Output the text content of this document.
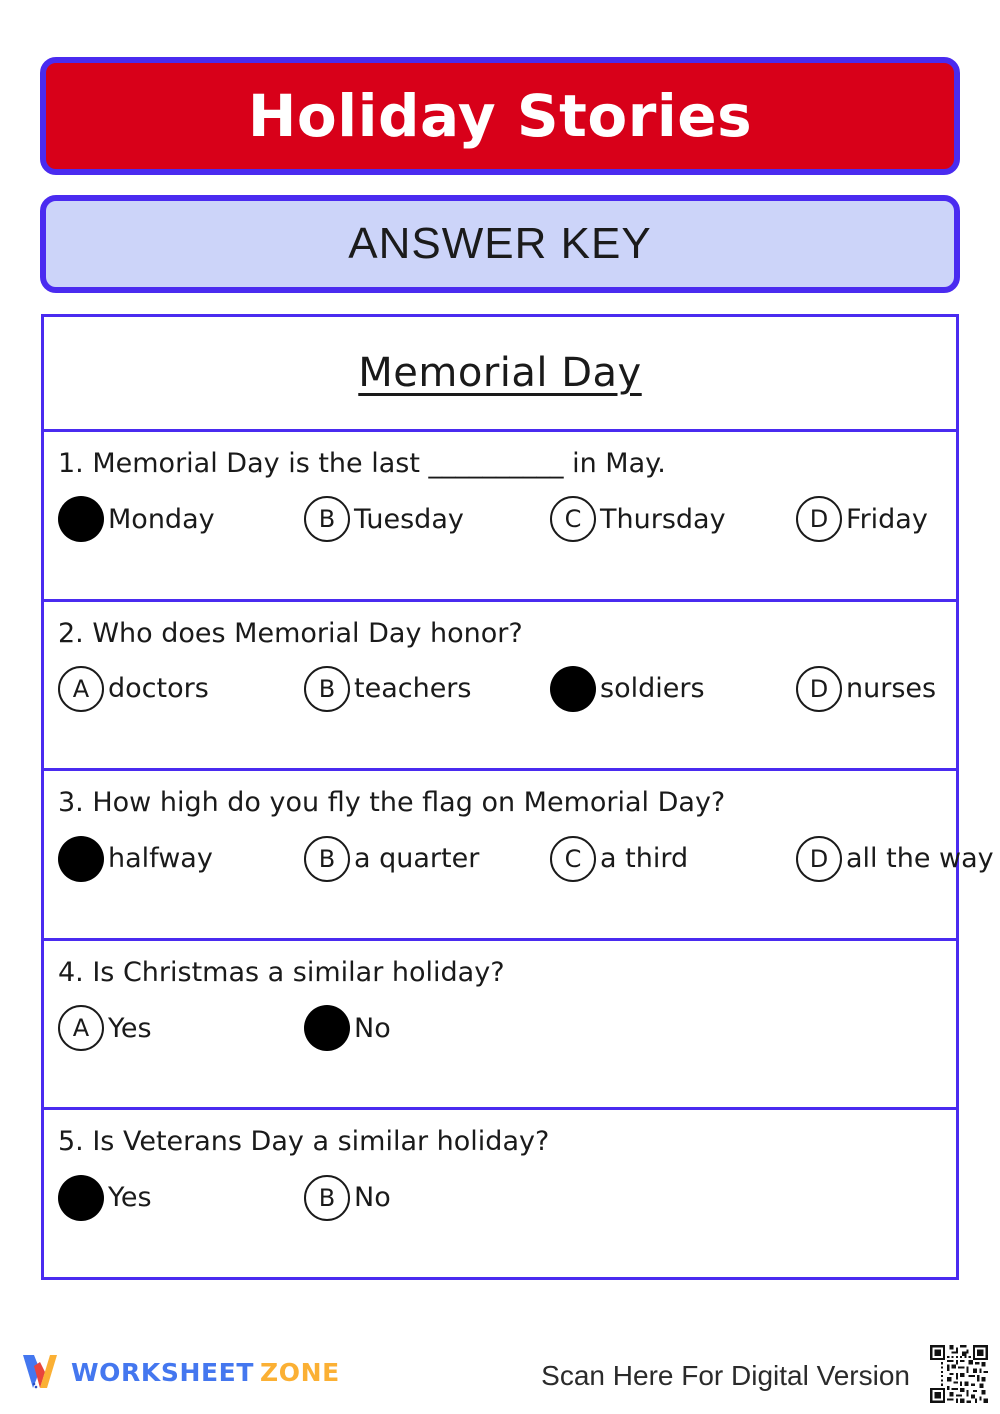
Holiday Stories
ANSWER KEY
Memorial Day
1. Memorial Day is the last __________ in May.
Monday	B Tuesday	C Thursday	D Friday
2. Who does Memorial Day honor?
A doctors	B teachers	soldiers	D nurses
3. How high do you fly the flag on Memorial Day?
halfway	B a quarter	C a third	D all the way
4. Is Christmas a similar holiday?
A Yes	No
5. Is Veterans Day a similar holiday?
Yes	B No
WORKSHEET ZONE	Scan Here For Digital Version
